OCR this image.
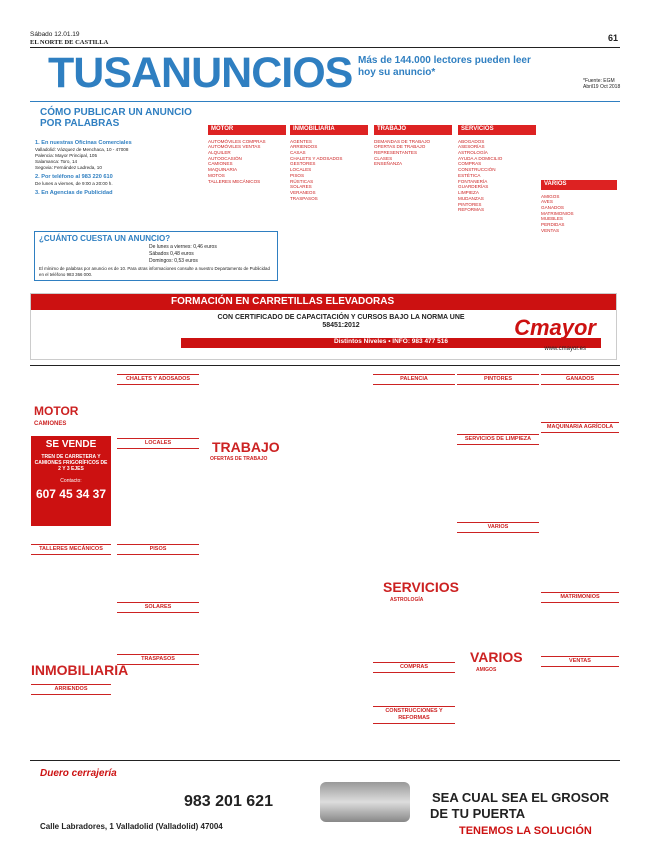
Sábado 12.01.19
EL NORTE DE CASTILLA	61
TUSANUNCIOS Más de 144.000 lectores pueden leer hoy su anuncio*
*Fuente: EGM
Abril19 Oct 2018
CÓMO PUBLICAR UN ANUNCIO POR PALABRAS
1. En nuestras Oficinas Comerciales
Valladolid: Vázquez de Menchaca, 10 - 47008
Palencia: Mayor Principal, 105
Salamanca: Toro, 14
Segovia: Fernández Ladreda, 10
2. Por teléfono al 983 220 610
De lunes a viernes, de 9:00 a 20:00 h.
3. En Agencias de Publicidad
¿CUÁNTO CUESTA UN ANUNCIO?
De lunes a viernes: 0,46 euros
Sábados 0,48 euros
Domingos: 0,53 euros
El mínimo de palabras por anuncio es de 10. Para otras informaciones consulte a nuestro Departamento de Publicidad en el teléfono 983 366 000.
MOTOR
AUTOMÓVILES COMPRAS
AUTOMÓVILES VENTAS
ALQUILER
AUTOOCASIÓN
CAMIONES
MAQUINARIA
MOTOS
TALLERES MECÁNICOS
INMOBILIARIA
AGENTES
ARRIENDOS
CASAS
CHALETS Y ADOSADOS
GESTORES
LOCALES
PISOS
RÚSTICAS
SOLARES
VERANEOS
TRASPASOS
TRABAJO
DEMANDAS DE TRABAJO
OFERTAS DE TRABAJO
REPRESENTANTES
CLASES
ENSEÑANZA
SERVICIOS
ABOGADOS
ASESORÍAS
ASTROLOGÍA
AYUDA A DOMICILIO
COMPRAS
CONSTRUCCIÓN
ESTÉTICA
FONTANERÍA
GUARDERÍAS
LIMPIEZA
MUDANZAS
PINTORES
REFORMAS
VARIOS
AMIGOS
AVES
GANADOS
MATRIMONIOS
MUEBLES
PERDIDAS
VENTAS
FORMACIÓN EN CARRETILLAS ELEVADORAS
CON CERTIFICADO DE CAPACITACIÓN Y CURSOS BAJO LA NORMA UNE 58451:2012
Distintos Niveles • INFO: 983 477 516
Cmayor
www.cmayor.es
MOTOR
CAMIONES
SE VENDE
TREN DE CARRETERA Y CAMIONES FRIGORÍFICOS DE 2 Y 3 EJES
Contacto:
607 45 34 37
TALLERES MECÁNICOS
INMOBILIARIA
ARRIENDOS
CHALETS Y ADOSADOS
LOCALES
PISOS
SOLARES
TRASPASOS
TRABAJO
OFERTAS DE TRABAJO
PALENCIA
SERVICIOS
ASTROLOGÍA
COMPRAS
CONSTRUCCIONES Y REFORMAS
PINTORES
SERVICIOS DE LIMPIEZA
VARIOS
VARIOS
AMIGOS
GANADOS
MAQUINARIA AGRÍCOLA
MATRIMONIOS
VENTAS
Duero cerrajería
983 201 621
Calle Labradores, 1 Valladolid (Valladolid) 47004
SEA CUAL SEA EL GROSOR
DE TU PUERTA
TENEMOS LA SOLUCIÓN
